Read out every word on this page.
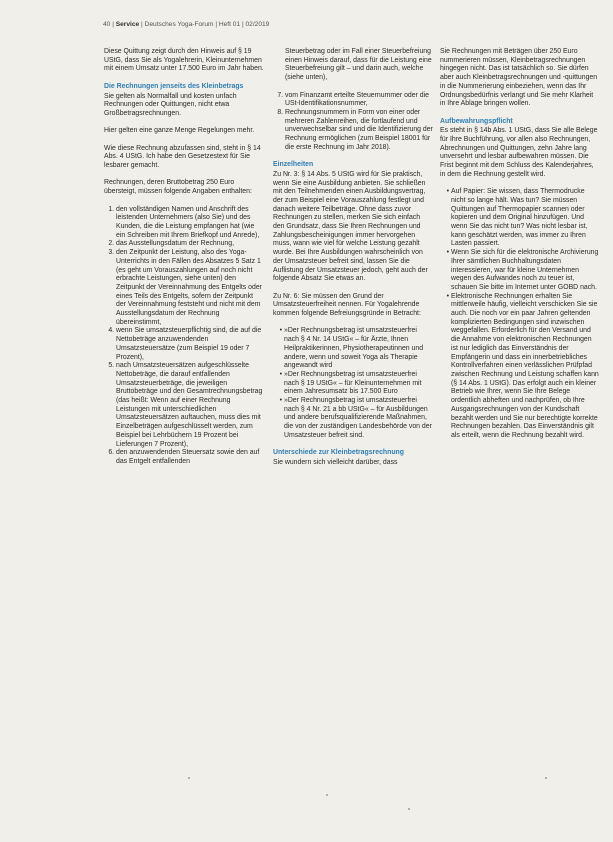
40 | Service | Deutsches Yoga-Forum | Heft 01 | 02/2019

Diese Quittung zeigt durch den Hinweis auf § 19 UStG, dass Sie als Yogalehrerin, Kleinunternehmen mit einem Umsatz unter 17.500 Euro im Jahr haben.

Die Rechnungen jenseits des Kleinbetrags

Sie gelten als Normalfall und kosten unfach Rechnungen oder Quittungen, nicht etwa Großbetragsrechnungen.

Hier gelten eine ganze Menge Regelungen mehr.

Wie diese Rechnung abzufassen sind, steht in § 14 Abs. 4 UStG. Ich habe den Gesetzestext für Sie lesbarer gemacht.

Rechnungen, deren Bruttobetrag 250 Euro übersteigt, müssen folgende Angaben enthalten:

1. den vollständigen Namen und Anschrift des leistenden Unternehmers (also Sie) und des Kunden, die die Leistung empfangen hat (wie ein Schreiben mit Ihrem Briefkopf und Anrede),
2. das Ausstellungsdatum der Rechnung,
3. den Zeitpunkt der Leistung, also des Yoga-Unterrichts in den Fällen des Absatzes 5 Satz 1 (es geht um Vorauszahlungen auf noch nicht erbrachte Leistungen, siehe unten) den Zeitpunkt der Vereinnahmung des Entgelts oder eines Teils des Entgelts, sofern der Zeitpunkt der Vereinnahmung feststeht und nicht mit dem Ausstellungsdatum der Rechnung übereinstimmt,
4. wenn Sie umsatzsteuerpflichtig sind, die auf die Nettobeträge anzuwendenden Umsatzsteuersätze (zum Beispiel 19 oder 7 Prozent),
5. nach Umsatzsteuersätzen aufgeschlüsselte Nettobeträge, die darauf entfallenden Umsatzsteuerbeträge, die jeweiligen Bruttobeträge und den Gesamtrechnungsbetrag (das heißt: Wenn auf einer Rechnung Leistungen mit unterschiedlichen Umsatzsteuersätzen auftauchen, muss dies mit Einzelbeträgen aufgeschlüsselt werden, zum Beispiel bei Lehrbüchern 19 Prozent bei Lieferungen 7 Prozent),
6. den anzuwendenden Steuersatz sowie den auf das Entgelt entfallenden

Steuerbetrag oder im Fall einer Steuerbefreiung einen Hinweis darauf, dass für die Leistung eine Steuerbefreiung gilt – und darin auch, welche (siehe unten),

7. vom Finanzamt erteilte Steuernummer oder die USt-Identifikationsnummer,
8. Rechnungsnummern in Form von einer oder mehreren Zahlenreihen, die fortlaufend und unverwechselbar sind und die Identifizierung der Rechnung ermöglichen (zum Beispiel 18001 für die erste Rechnung im Jahr 2018).
Einzelheiten

Zu Nr. 3: § 14 Abs. 5 UStG wird für Sie praktisch, wenn Sie eine Ausbildung anbieten. Sie schließen mit den Teilnehmenden einen Ausbildungsvertrag, der zum Beispiel eine Vorauszahlung festlegt und danach weitere Teilbeträge. Ohne dass zuvor Rechnungen zu stellen, merken Sie sich einfach den Grundsatz, dass Sie Ihren Rechnungen und Zahlungsbescheinigungen immer hervorgehen muss, wann wie viel für welche Leistung gezahlt wurde. Bei Ihre Ausbildungen wahrscheinlich von der Umsatzsteuer befreit sind, lassen Sie die Auflistung der Umsatzsteuer jedoch, geht auch der folgende Absatz Sie etwas an.

Zu Nr. 6: Sie müssen den Grund der Umsatzsteuerfreiheit nennen. Für Yogalehrende kommen folgende Befreiungsgründe in Betracht:

• »Der Rechnungsbetrag ist umsatzsteuerfrei nach § 4 Nr. 14 UStG« – für Ärzte, Ihnen Heilpraktikerinnen, Physiotherapeutinnen und andere, wenn und soweit Yoga als Therapie angewandt wird
• »Der Rechnungsbetrag ist umsatzsteuerfrei nach § 19 UStG« – für Kleinunternehmen mit einem Jahresumsatz bis 17.500 Euro
• »Der Rechnungsbetrag ist umsatzsteuerfrei nach § 4 Nr. 21 a bb UStG« – für Ausbildungen und andere berufsqualifizierende Maßnahmen, die von der zuständigen Landesbehörde von der Umsatzsteuer befreit sind.
Unterschiede zur Kleinbetragsrechnung

Sie wundern sich vielleicht darüber, dass

Sie Rechnungen mit Beträgen über 250 Euro nummerieren müssen, Kleinbetragsrechnungen hingegen nicht. Das ist tatsächlich so. Sie dürfen aber auch Kleinbetragsrechnungen und -quittungen in die Nummerierung einbeziehen, wenn das Ihr Ordnungsbedürfnis verlangt und Sie mehr Klarheit in Ihre Ablage bringen wollen.

Aufbewahrungspflicht

Es steht in § 14b Abs. 1 UStG, dass Sie alle Belege für Ihre Buchführung, vor allen also Rechnungen, Abrechnungen und Quittungen, zehn Jahre lang unversehrt und lesbar aufbewahren müssen. Die Frist beginnt mit dem Schluss des Kalenderjahres, in dem die Rechnung gestellt wird.

• Auf Papier: Sie wissen, dass Thermodrucke nicht so lange hält. Was tun? Sie müssen Quittungen auf Thermopapier scannen oder kopieren und dem Original hinzufügen. Und wenn Sie das nicht tun? Was nicht lesbar ist, kann geschätzt werden, was immer zu Ihren Lasten passiert.
• Wenn Sie sich für die elektronische Archivierung Ihrer sämtlichen Buchhaltungsdaten interessieren, war für kleine Unternehmen wegen des Aufwandes noch zu teuer ist, schauen Sie bitte im Internet unter GOBD nach.
• Elektronische Rechnungen erhalten Sie mittlerweile häufig, vielleicht verschicken Sie sie auch. Die noch vor ein paar Jahren geltenden komplizierten Bedingungen sind inzwischen weggefallen. Erforderlich für den Versand und die Annahme von elektronischen Rechnungen ist nur lediglich das Einverständnis der Empfängerin und dass ein innerbetriebliches Kontrollverfahren einen verlässlichen Prüfpfad zwischen Rechnung und Leistung schaffen kann (§ 14 Abs. 1 UStG). Das erfolgt auch ein kleiner Betrieb wie Ihrer, wenn Sie Ihre Belege ordentlich abheften und nachprüfen, ob Ihre Ausgangsrechnungen von der Kundschaft bezahlt werden und Sie nur berechtigte korrekte Rechnungen bezahlen. Das Einverständnis gilt als erteilt, wenn die Rechnung bezahlt wird.
